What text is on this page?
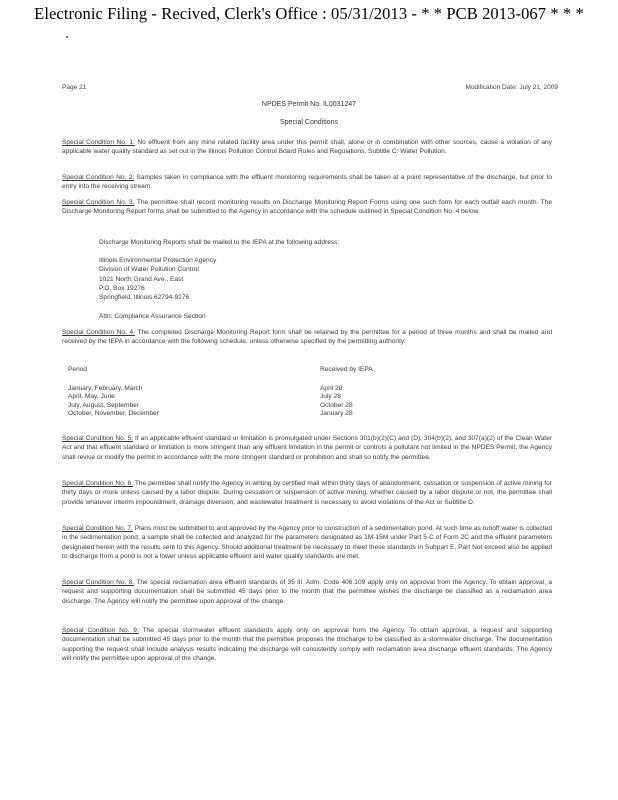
Electronic Filing - Recived, Clerk's Office : 05/31/2013 - * * PCB 2013-067 * * *
Page 21	Modification Date: July 21, 2009
NPDES Permit No. IL0031247
Special Conditions
Special Condition No. 1. No effluent from any mine related facility area under this permit shall, alone or in combination with other sources, cause a violation of any applicable water quality standard as set out in the Illinois Pollution Control Board Rules and Regulations, Subtitle C: Water Pollution.
Special Condition No. 2. Samples taken in compliance with the effluent monitoring requirements shall be taken at a point representative of the discharge, but prior to entry into the receiving stream.
Special Condition No. 3. The permittee shall record monitoring results on Discharge Monitoring Report Forms using one such form for each outfall each month. The Discharge Monitoring Report forms shall be submitted to the Agency in accordance with the schedule outlined in Special Condition No. 4 below.
Discharge Monitoring Reports shall be mailed to the IEPA at the following address:
Illinois Environmental Protection Agency
Division of Water Pollution Control
1021 North Grand Ave., East
P.O. Box 19276
Springfield, Illinois 62794-9276
Attn: Compliance Assurance Section
Special Condition No. 4. The completed Discharge Monitoring Report form shall be retained by the permittee for a period of three months and shall be mailed and received by the IEPA in accordance with the following schedule, unless otherwise specified by the permitting authority.
Period	Received by IEPA
January, February, March	April 28
April, May, June	July 28
July, August, September	October 28
October, November, December	January 28
Special Condition No. 5. If an applicable effluent standard or limitation is promulgated under Sections 301(b)(2)(C) and (D), 304(b)(2), and 307(a)(2) of the Clean Water Act and that effluent standard or limitation is more stringent than any effluent limitation in the permit or controls a pollutant not limited in the NPDES Permit, the Agency shall revise or modify the permit in accordance with the more stringent standard or prohibition and shall so notify the permittee.
Special Condition No. 6. The permittee shall notify the Agency in writing by certified mail within thirty days of abandonment, cessation or suspension of active mining for thirty days or more unless caused by a labor dispute. During cessation or suspension of active mining, whether caused by a labor dispute or not, the permittee shall provide whatever interim impoundment, drainage diversion, and wastewater treatment is necessary to avoid violations of the Act or Subtitle D.
Special Condition No. 7. Plans must be submitted to and approved by the Agency prior to construction of a sedimentation pond. At such time as runoff water is collected in the sedimentation pond, a sample shall be collected and analyzed for the parameters designated as 1M-15M under Part 5-C of Form 2C and the effluent parameters designated herein with the results sent to this Agency. Should additional treatment be necessary to meet these standards in Subpart E, Part Not exceed also be applied to discharge from a pond is not a lower unless applicable effluent and water quality standards are met.
Special Condition No. 8. The special reclamation area effluent standards of 35 Ill. Adm. Code 406.109 apply only on approval from the Agency. To obtain approval, a request and supporting documentation shall be submitted 45 days prior to the month that the permittee wishes the discharge be classified as a reclamation area discharge. The Agency will notify the permittee upon approval of the change.
Special Condition No. 9. The special stormwater effluent standards apply only on approval from the Agency. To obtain approval, a request and supporting documentation shall be submitted 45 days prior to the month that the permittee proposes the discharge to be classified as a stormwater discharge. The documentation supporting the request shall include analysis results indicating the discharge will consistently comply with reclamation area discharge effluent standards. The Agency will notify the permittee upon approval of the change.
